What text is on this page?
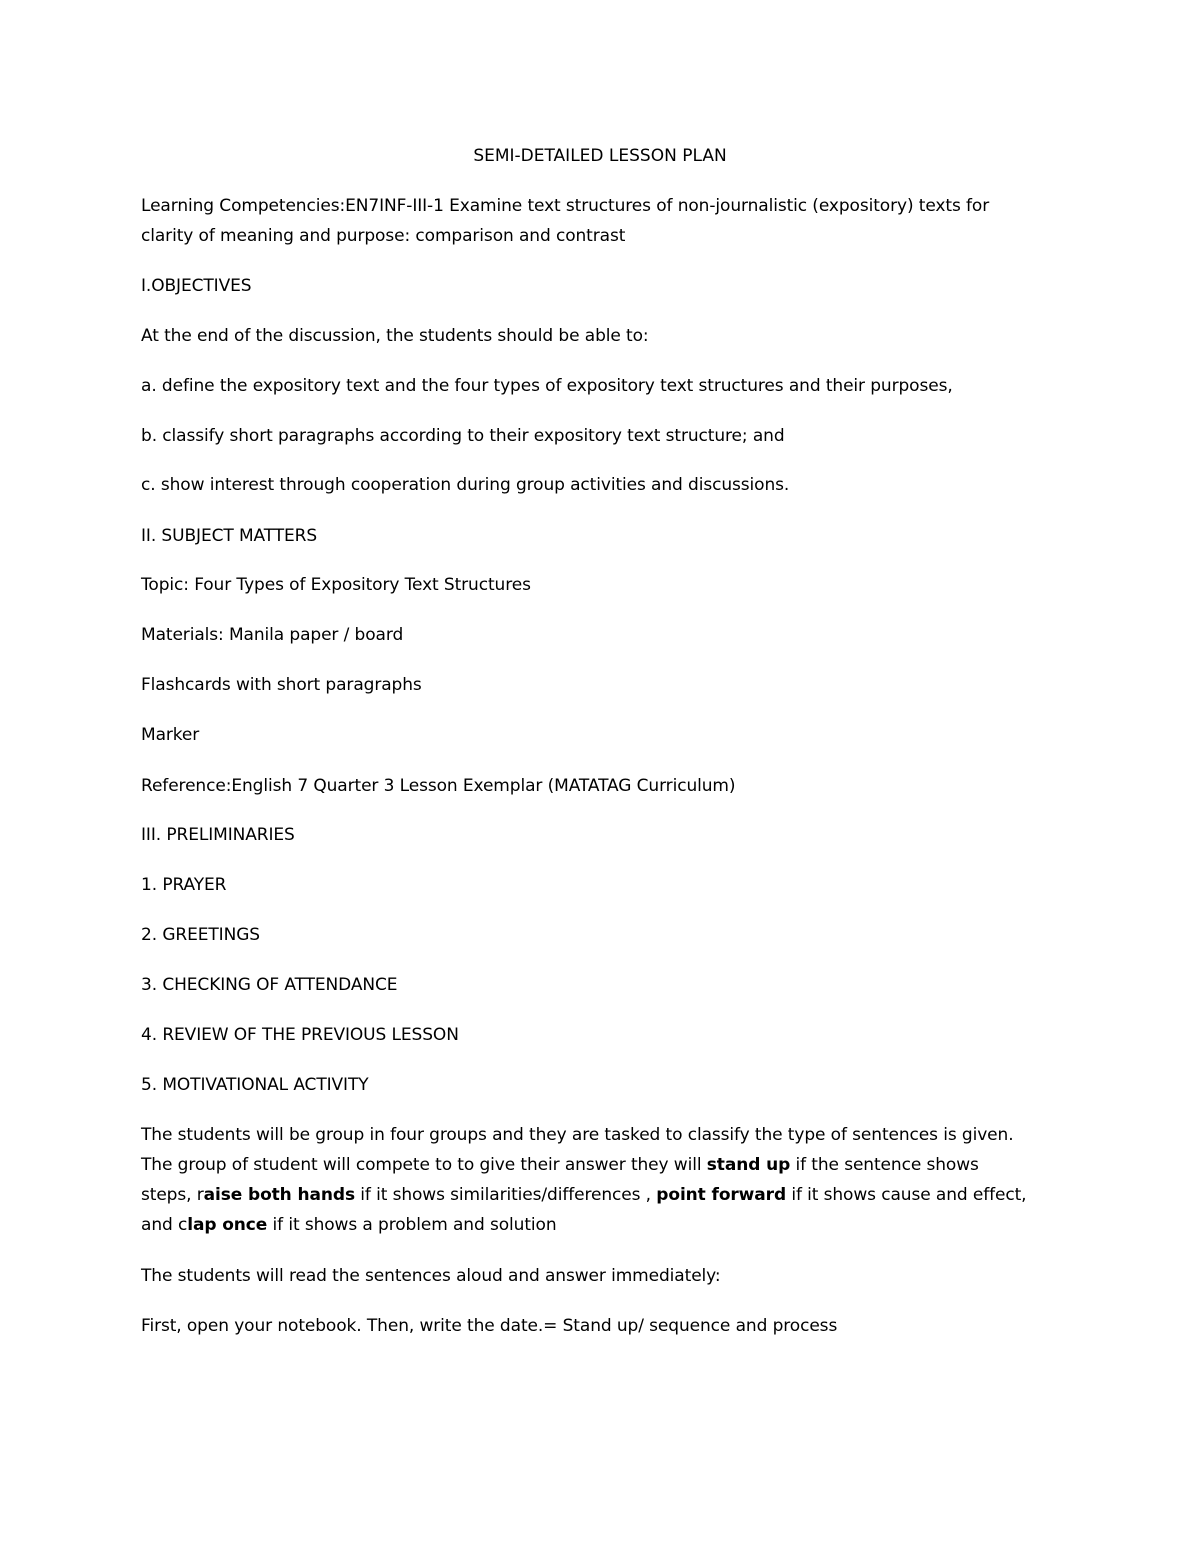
SEMI-DETAILED LESSON PLAN
Learning Competencies:EN7INF-III-1 Examine text structures of non-journalistic (expository) texts for
clarity of meaning and purpose: comparison and contrast
I.OBJECTIVES
At the end of the discussion, the students should be able to:
a. define the expository text and the four types of expository text structures and their purposes,
b. classify short paragraphs according to their expository text structure; and
c. show interest through cooperation during group activities and discussions.
II. SUBJECT MATTERS
Topic: Four Types of Expository Text Structures
Materials: Manila paper / board
Flashcards with short paragraphs
Marker
Reference:English 7 Quarter 3 Lesson Exemplar (MATATAG Curriculum)
III. PRELIMINARIES
1. PRAYER
2. GREETINGS
3. CHECKING OF ATTENDANCE
4. REVIEW OF THE PREVIOUS LESSON
5. MOTIVATIONAL ACTIVITY
The students will be group in four groups and they are tasked to classify the type of sentences is given.
The group of student will compete to to give their answer they will stand up if the sentence shows
steps, raise both hands if it shows similarities/differences , point forward if it shows cause and effect,
and clap once if it shows a problem and solution
The students will read the sentences aloud and answer immediately:
First, open your notebook. Then, write the date.= Stand up/ sequence and process
